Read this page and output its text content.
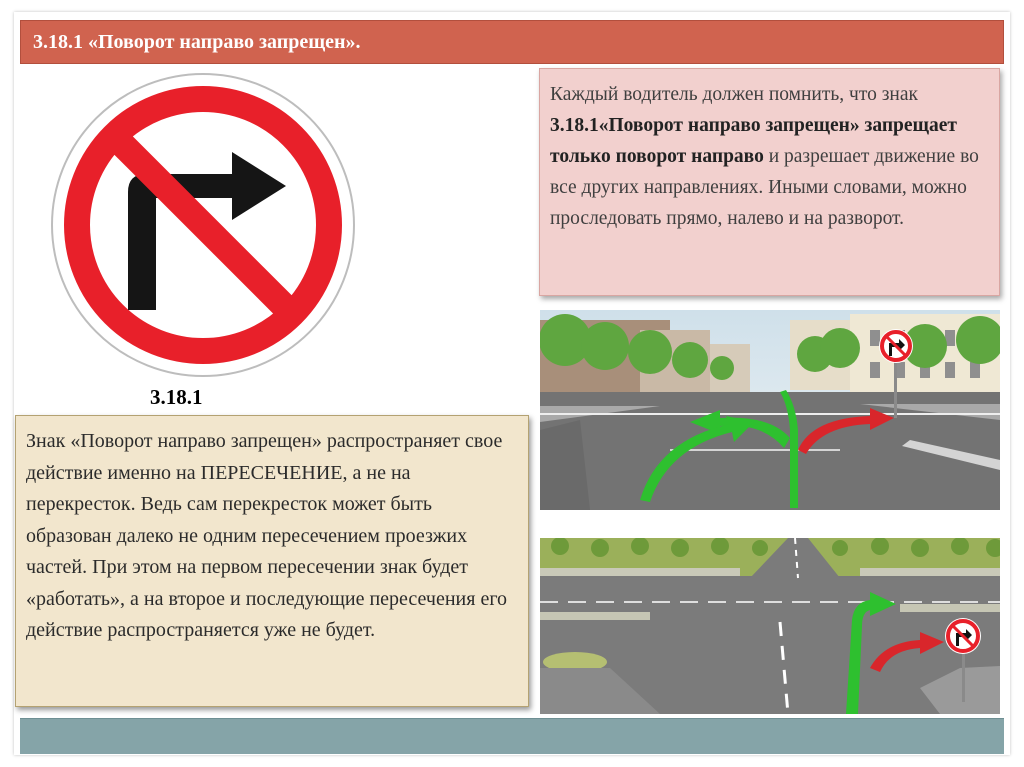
3.18.1 «Поворот направо запрещен».
3.18.1
Каждый водитель должен помнить, что знак 3.18.1«Поворот направо запрещен» запрещает только поворот направо и разрешает движение во все других направлениях. Иными словами, можно проследовать прямо, налево и на разворот.
Знак «Поворот направо запрещен» распространяет свое действие именно на ПЕРЕСЕЧЕНИЕ, а не на перекресток. Ведь сам перекресток может быть образован далеко не одним пересечением проезжих частей. При этом на первом пересечении знак будет «работать», а на второе и последующие пересечения его действие распространяется уже не будет.
